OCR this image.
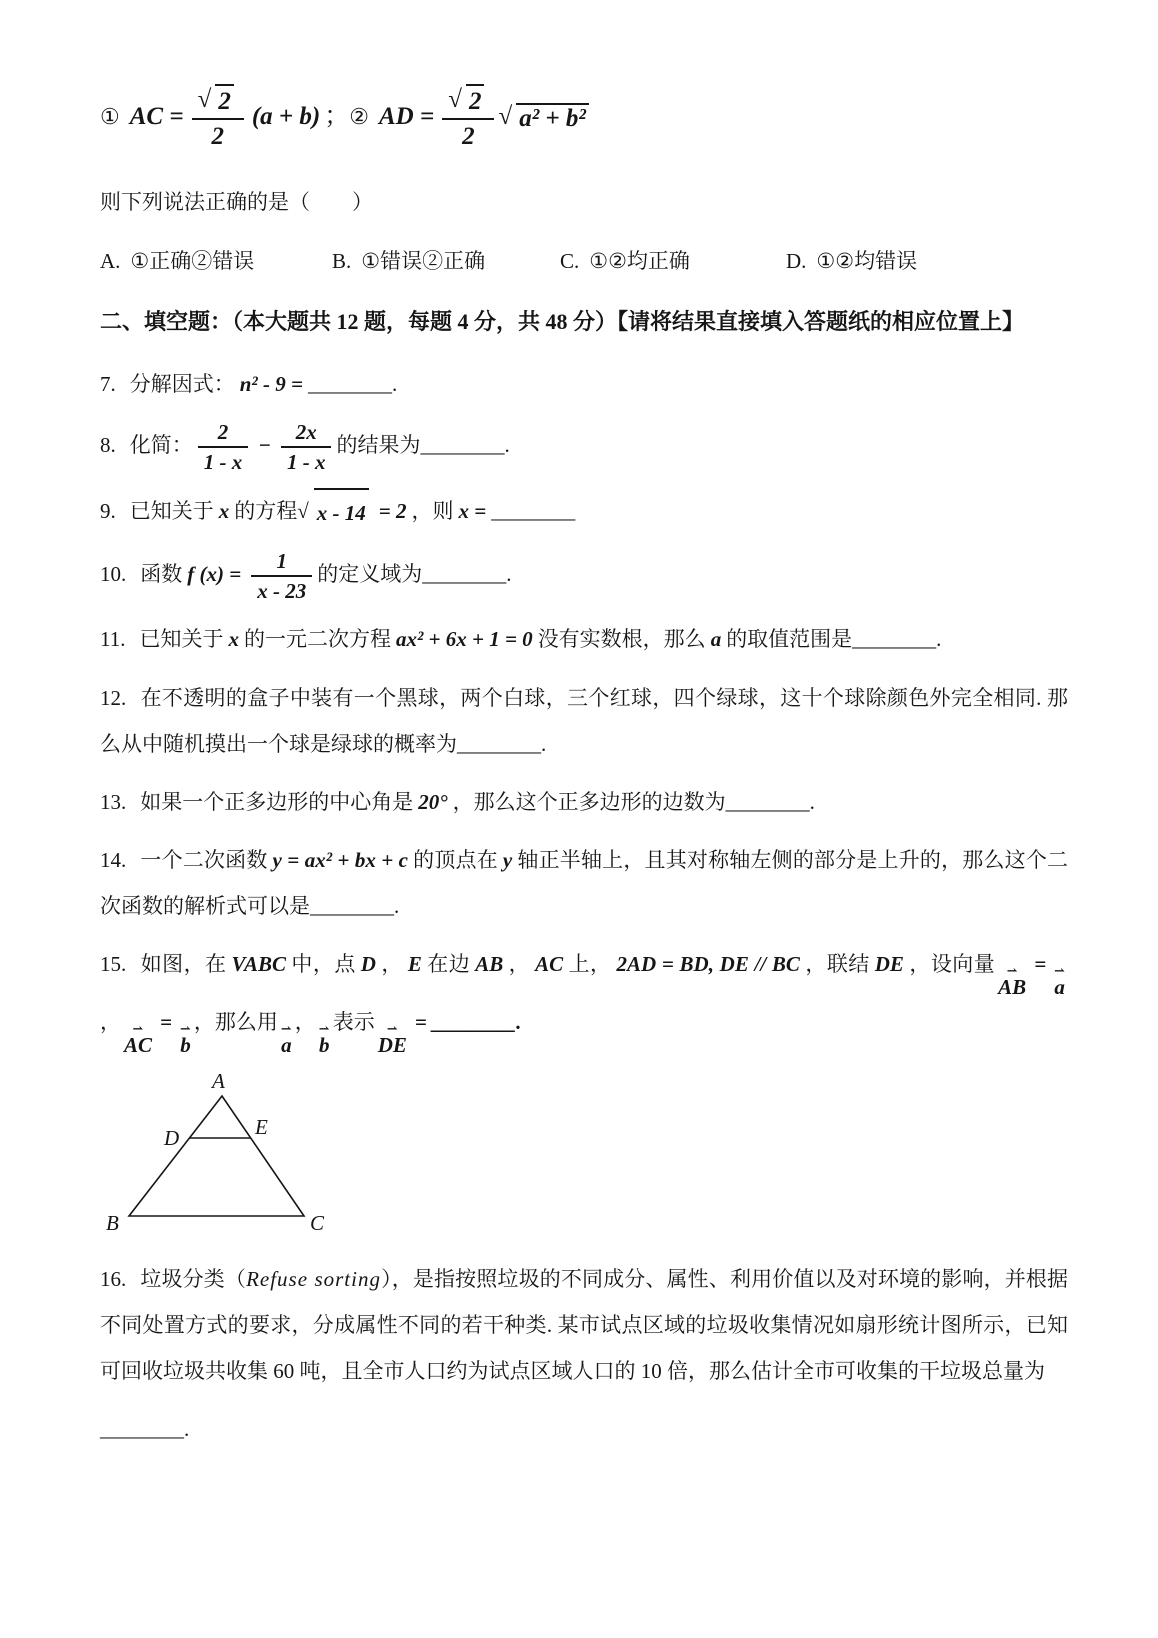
① AC = $\frac{√ 2}{2} (a + b)$ ；② AD = $\frac{√ 2}{2}$ √ a² + b²
则下列说法正确的是（　　）
A. ①正确②错误	B. ①错误②正确	C. ①②均正确	D. ①②均错误
二、填空题：（本大题共 12 题，每题 4 分，共 48 分）【请将结果直接填入答题纸的相应位置上】
7. 分解因式： n² - 9 = ________.
8. 化简： $\frac{2}{1 - x} - \frac{2x}{1 - x}$ 的结果为________.
9. 已知关于 x 的方程 √ x - 14 = 2 ，则 x = ________
10. 函数 f $(x) = \frac{1}{x - 23}$ 的定义域为________.
11. 已知关于 x 的一元二次方程 ax² + 6x + 1 = 0 没有实数根，那么 a 的取值范围是________.
12. 在不透明的盒子中装有一个黑球，两个白球，三个红球，四个绿球，这十个球除颜色外完全相同. 那么从中随机摸出一个球是绿球的概率为________.
13. 如果一个正多边形的中心角是 20° ，那么这个正多边形的边数为________.
14. 一个二次函数 y = ax² + bx + c 的顶点在 y 轴正半轴上，且其对称轴左侧的部分是上升的，那么这个二次函数的解析式可以是________.
15. 如图，在 VABC 中，点 D ， E 在边 AB ， AC 上， 2AD = BD, DE // BC ，联结 DE ，设向量 ⇀
AB
= ⇀
a
， ⇀
AC
= ⇀
b
，那么用 ⇀
a
， ⇀
b
表示 ⇀
DE
= ________.
A
B	C
D	E
16. 垃圾分类（Refuse sorting），是指按照垃圾的不同成分、属性、利用价值以及对环境的影响，并根据不同处置方式的要求，分成属性不同的若干种类. 某市试点区域的垃圾收集情况如扇形统计图所示，已知可回收垃圾共收集 60 吨，且全市人口约为试点区域人口的 10 倍，那么估计全市可收集的干垃圾总量为
________.
